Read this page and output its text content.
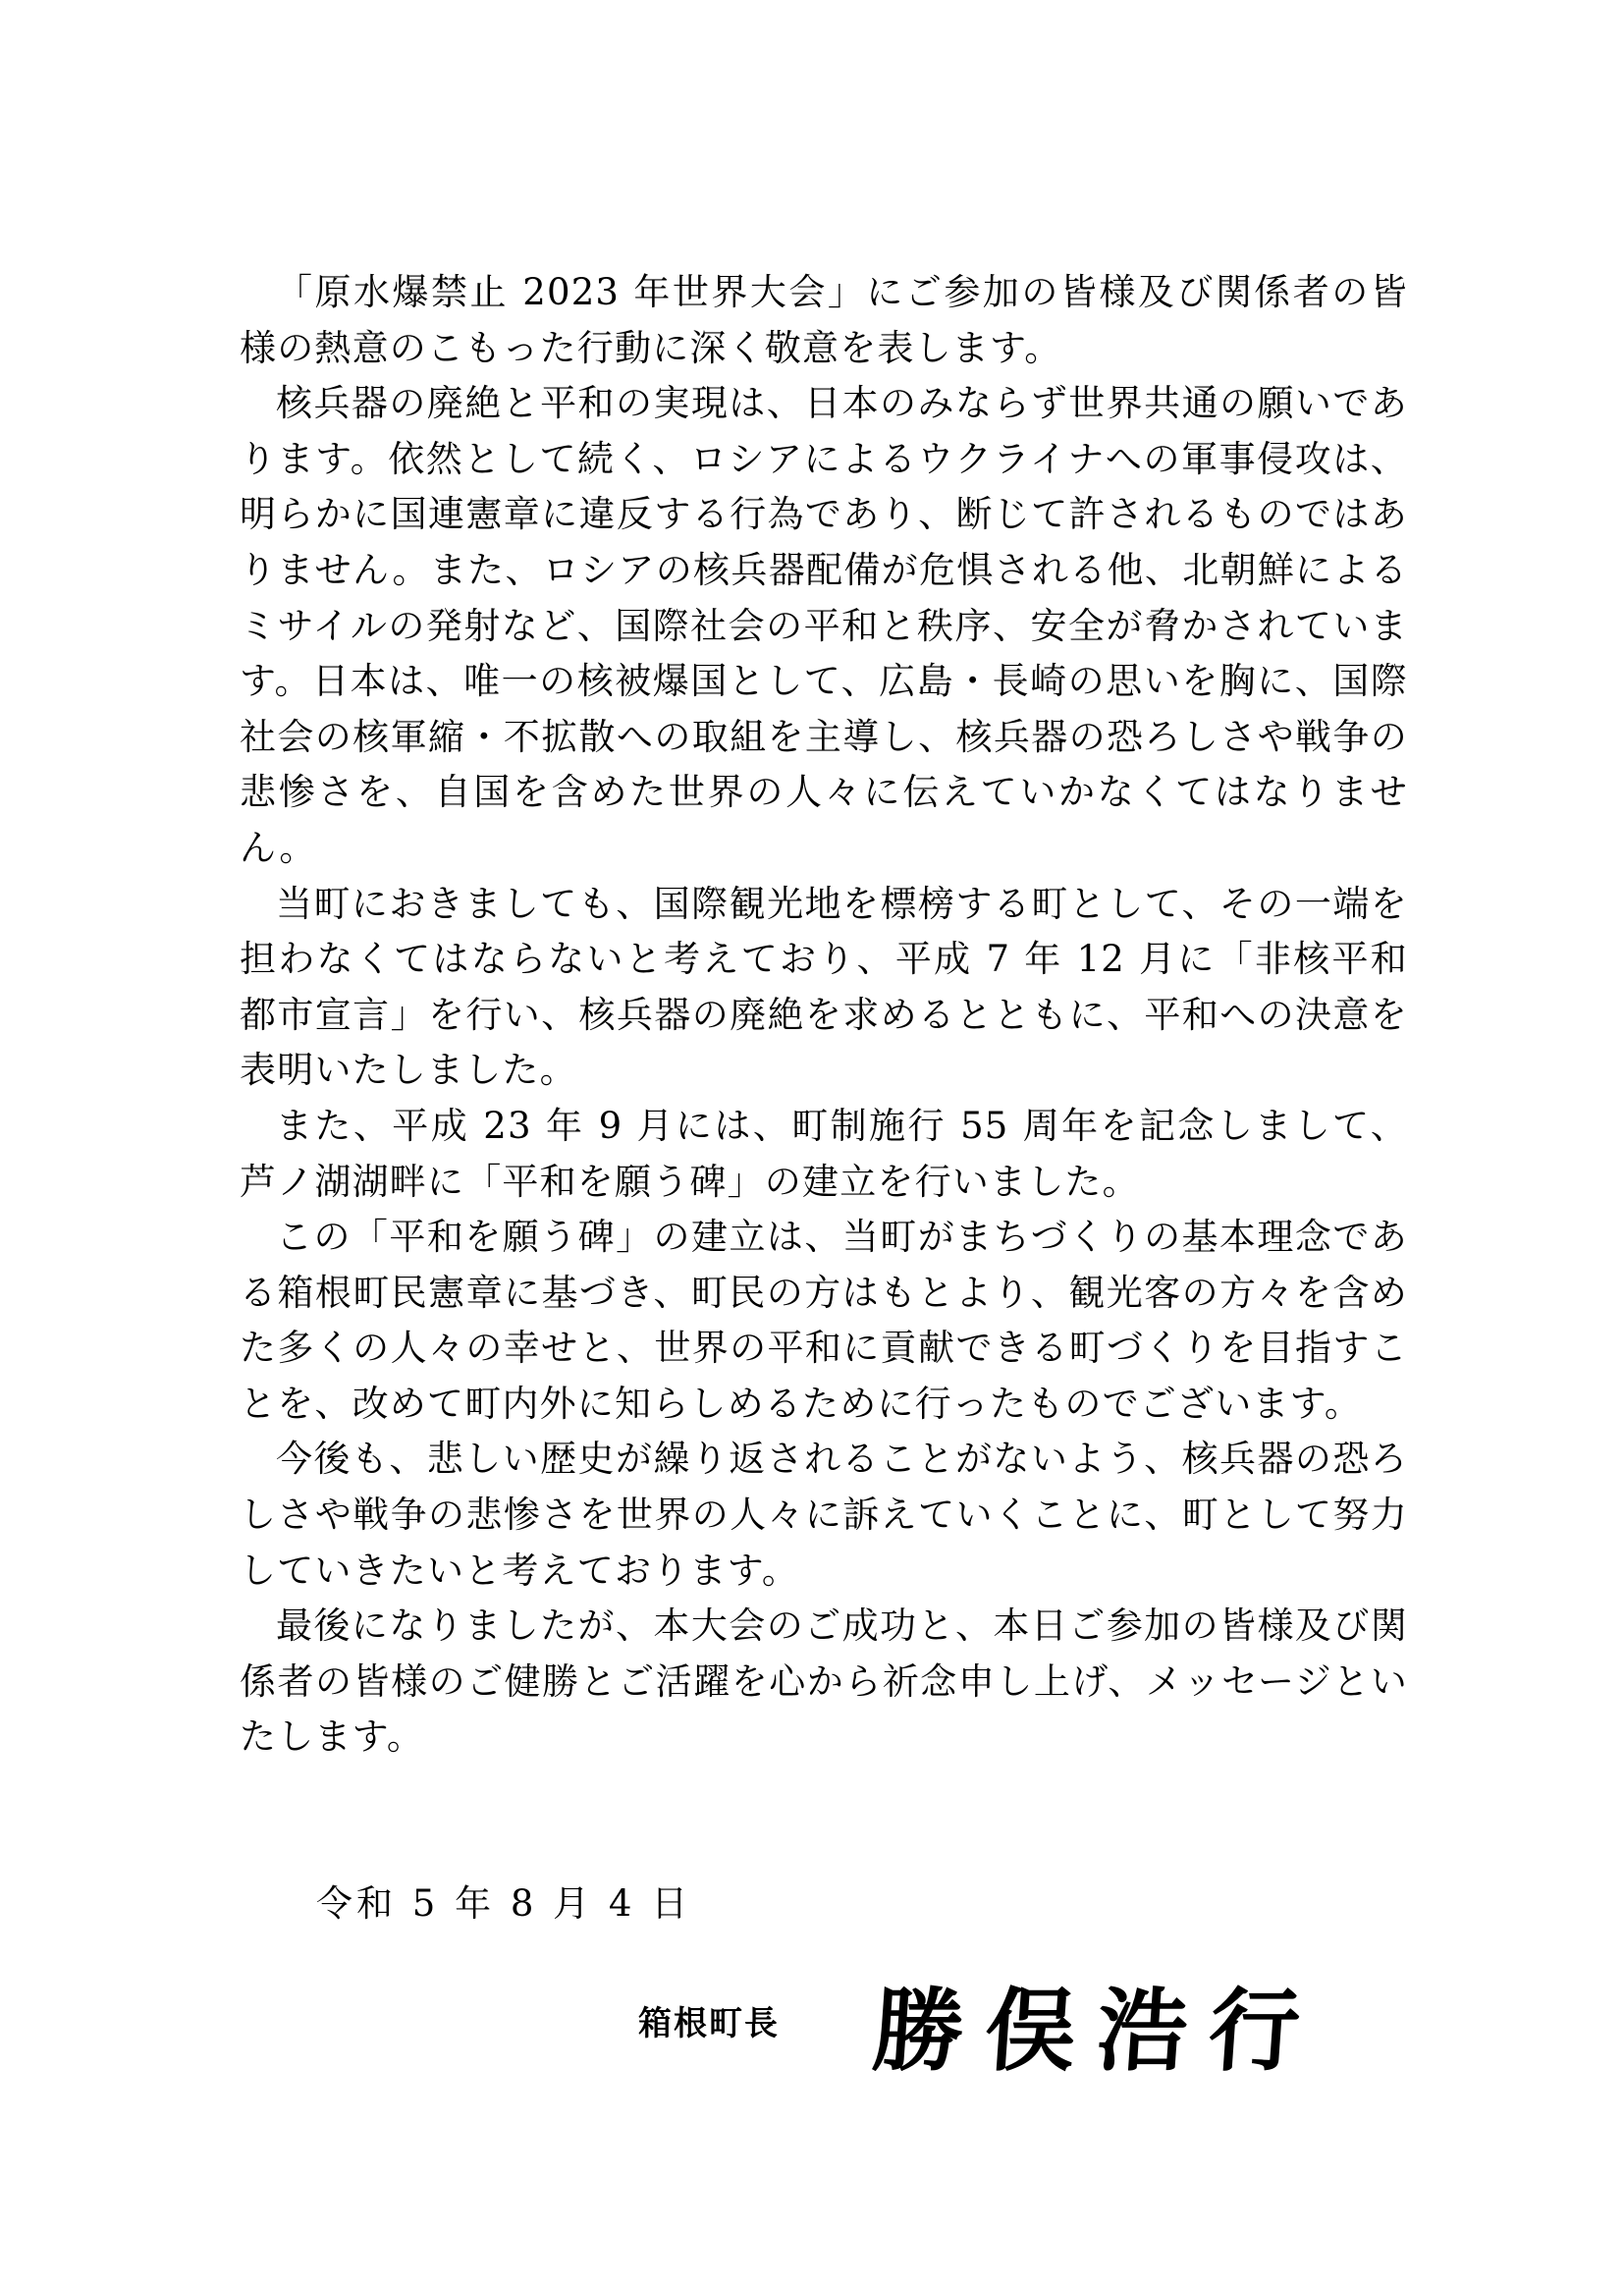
「原水爆禁止 2023 年世界大会」にご参加の皆様及び関係者の皆様の熱意のこもった行動に深く敬意を表します。

核兵器の廃絶と平和の実現は、日本のみならず世界共通の願いであります。依然として続く、ロシアによるウクライナへの軍事侵攻は、明らかに国連憲章に違反する行為であり、断じて許されるものではありません。また、ロシアの核兵器配備が危惧される他、北朝鮮によるミサイルの発射など、国際社会の平和と秩序、安全が脅かされています。日本は、唯一の核被爆国として、広島・長崎の思いを胸に、国際社会の核軍縮・不拡散への取組を主導し、核兵器の恐ろしさや戦争の悲惨さを、自国を含めた世界の人々に伝えていかなくてはなりません。

当町におきましても、国際観光地を標榜する町として、その一端を担わなくてはならないと考えており、平成 7 年 12 月に「非核平和都市宣言」を行い、核兵器の廃絶を求めるとともに、平和への決意を表明いたしました。

また、平成 23 年 9 月には、町制施行 55 周年を記念しまして、芦ノ湖湖畔に「平和を願う碑」の建立を行いました。

この「平和を願う碑」の建立は、当町がまちづくりの基本理念である箱根町民憲章に基づき、町民の方はもとより、観光客の方々を含めた多くの人々の幸せと、世界の平和に貢献できる町づくりを目指すことを、改めて町内外に知らしめるために行ったものでございます。

今後も、悲しい歴史が繰り返されることがないよう、核兵器の恐ろしさや戦争の悲惨さを世界の人々に訴えていくことに、町として努力していきたいと考えております。

最後になりましたが、本大会のご成功と、本日ご参加の皆様及び関係者の皆様のご健勝とご活躍を心から祈念申し上げ、メッセージといたします。

令和 5 年 8 月 4 日
箱根町長 勝俣浩行
